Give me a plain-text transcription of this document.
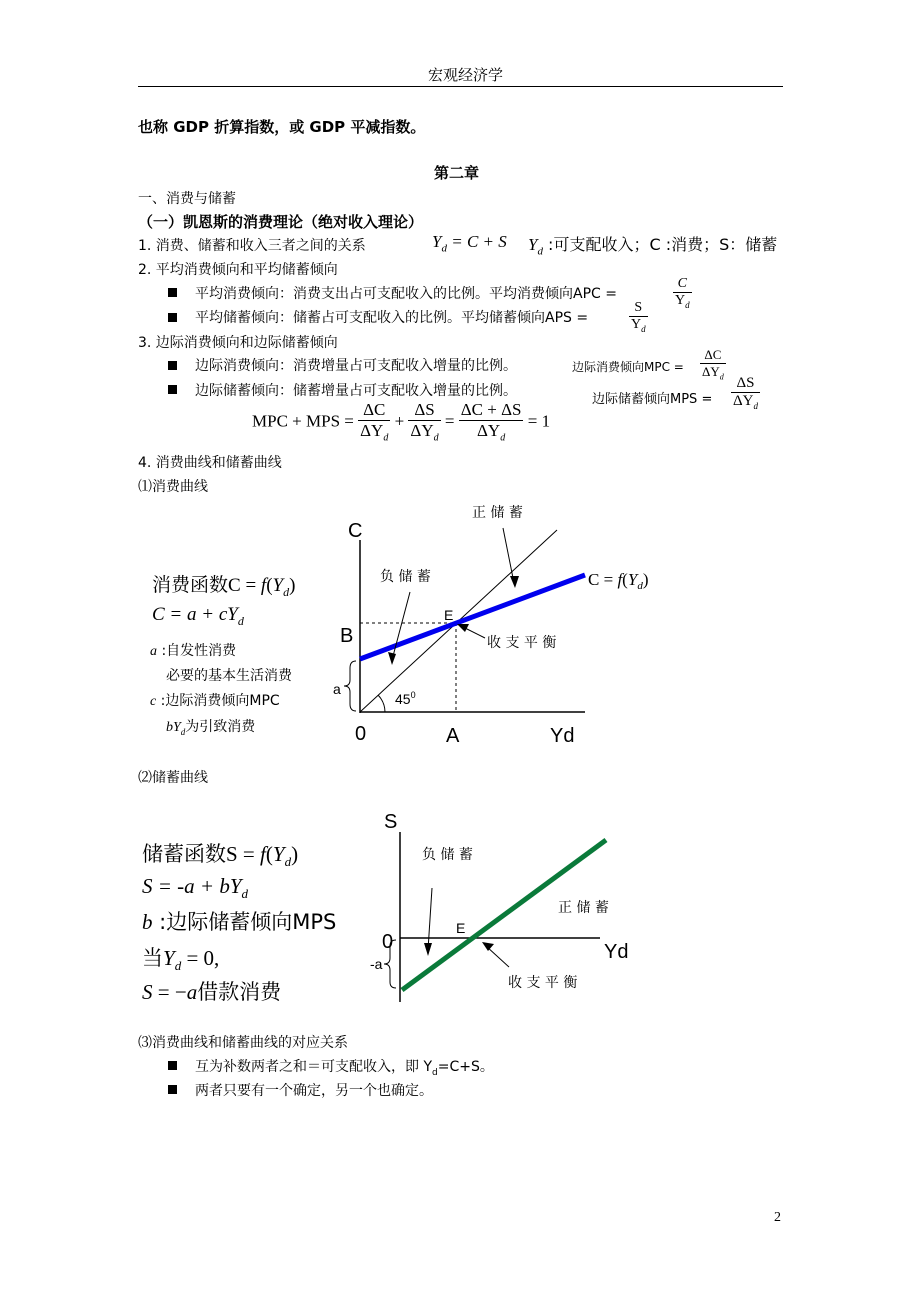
宏观经济学
也称 GDP 折算指数，或 GDP 平减指数。
第二章
一、消费与储蓄
（一）凯恩斯的消费理论（绝对收入理论）
1. 消费、储蓄和收入三者之间的关系	$Y_d = C + S$ $Y_d$ :可支配收入；C :消费；S：储蓄
2. 平均消费倾向和平均储蓄倾向
平均消费倾向：消费支出占可支配收入的比例。平均消费倾向APC =	$\frac{C}{Y_d}$
平均储蓄倾向：储蓄占可支配收入的比例。平均储蓄倾向APS =	$\frac{S}{Y_d}$
3. 边际消费倾向和边际储蓄倾向
边际消费倾向：消费增量占可支配收入增量的比例。	边际消费倾向MPC = $\frac{\Delta C}{\Delta Y_d}$
边际储蓄倾向：储蓄增量占可支配收入增量的比例。
边际储蓄倾向MPS = $\frac{\Delta S}{\Delta Y_d}$
MPC + MPS = $\frac{\Delta C}{\Delta Y_d} + \frac{\Delta S}{\Delta Y_d} = \frac{\Delta C + \Delta S}{\Delta Y_d} = 1$
4. 消费曲线和储蓄曲线
⑴消费曲线
消费函数$C = f(Y_d)$
$C = a + cY_d$
a :自发性消费
必要的基本生活消费
c :边际消费倾向MPC
$bY_d$为引致消费
C
B
E
a
0	A	Yd
$45^0$
负 储 蓄
正 储 蓄
收 支 平 衡
$C = f(Y_d)$
⑵储蓄曲线
储蓄函数$S = f(Y_d)$
$S = -a + bY_d$
b :边际储蓄倾向MPS
当$Y_d = 0$,
S = −a借款消费
S
0
-a
E
Yd
负 储 蓄
正 储 蓄
收 支 平 衡
⑶消费曲线和储蓄曲线的对应关系
互为补数两者之和＝可支配收入，即 $Y_d=C+S$。
两者只要有一个确定，另一个也确定。
2
